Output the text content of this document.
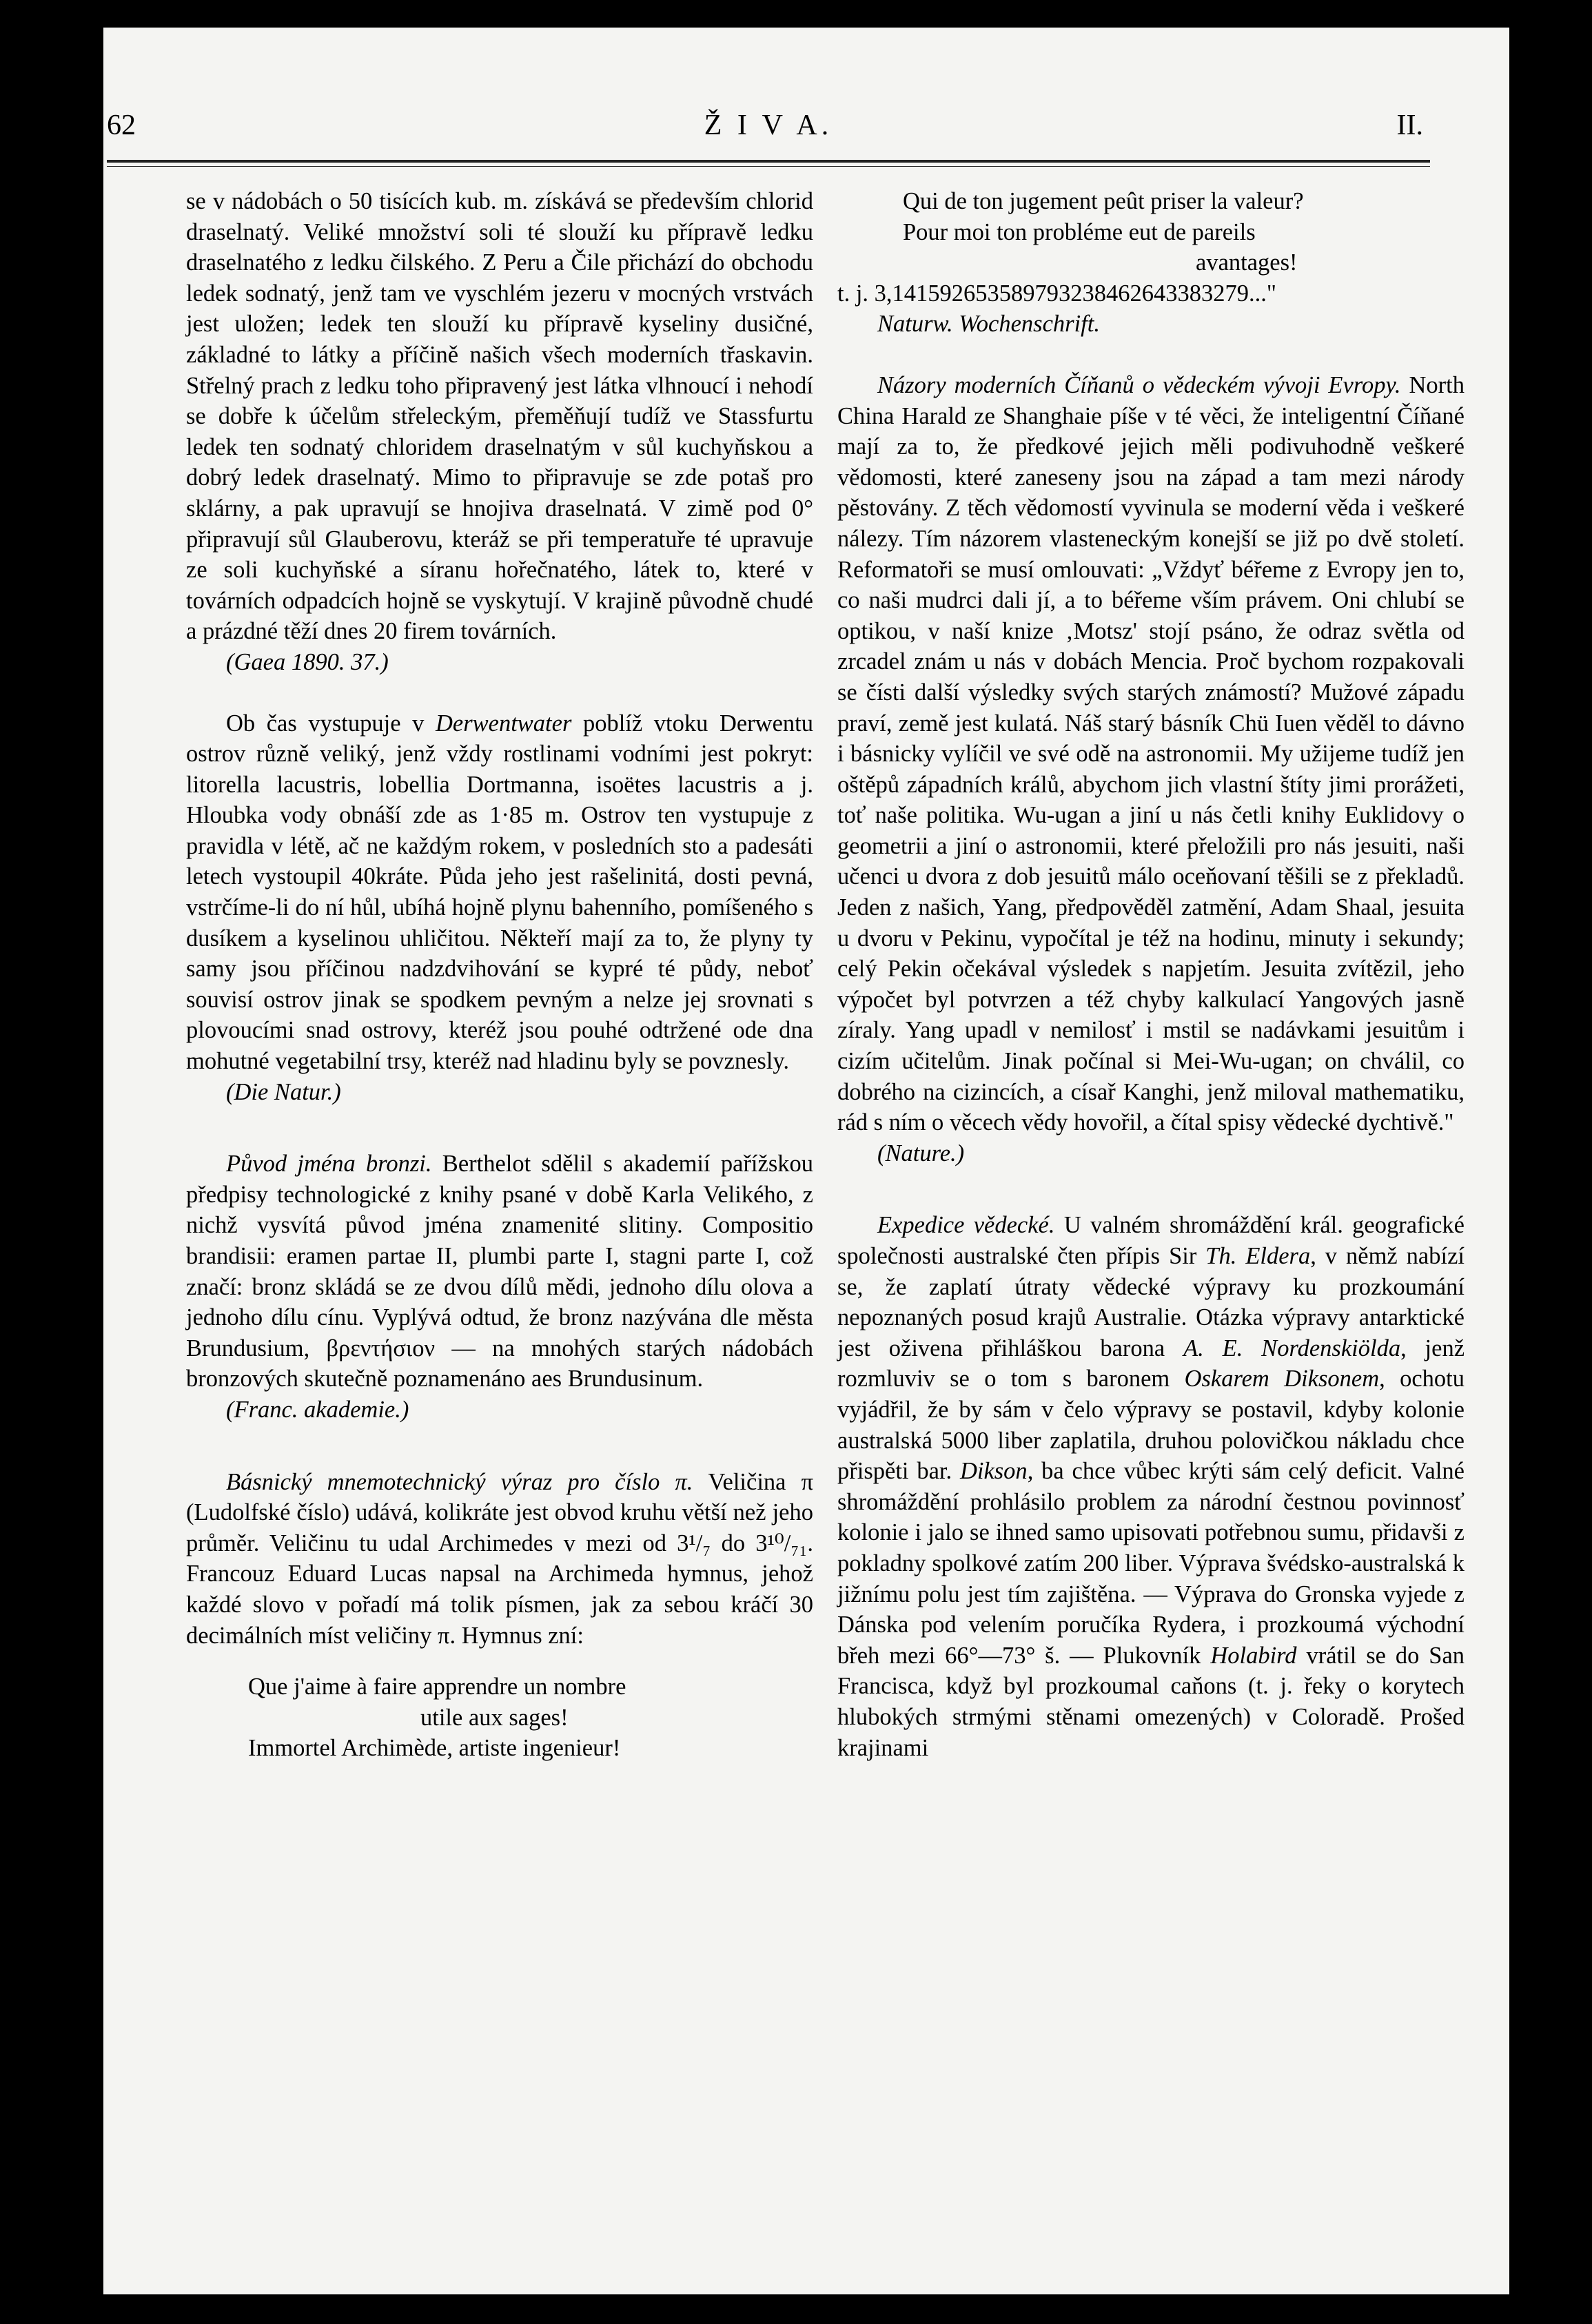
62	Ž I V A.	II.

se v nádobách o 50 tisících kub. m. získává se především chlorid draselnatý. Veliké množství soli té slouží ku přípravě ledku draselnatého z ledku čilského. Z Peru a Čile přichází do obchodu ledek sodnatý, jenž tam ve vyschlém jezeru v mocných vrstvách jest uložen; ledek ten slouží ku přípravě kyseliny dusičné, základné to látky a příčině našich všech moderních třaskavin. Střelný prach z ledku toho připravený jest látka vlhnoucí i nehodí se dobře k účelům střeleckým, přeměňují tudíž ve Stassfurtu ledek ten sodnatý chloridem draselnatým v sůl kuchyňskou a dobrý ledek draselnatý. Mimo to připravuje se zde potaš pro sklárny, a pak upravují se hnojiva draselnatá. V zimě pod 0° připravují sůl Glauberovu, kteráž se při temperatuře té upravuje ze soli kuchyňské a síranu hořečnatého, látek to, které v továrních odpadcích hojně se vyskytují. V krajině původně chudé a prázdné těží dnes 20 firem továrních.

(Gaea 1890. 37.)

Ob čas vystupuje v Derwentwater poblíž vtoku Derwentu ostrov různě veliký, jenž vždy rostlinami vodními jest pokryt: litorella lacustris, lobellia Dortmanna, isoëtes lacustris a j. Hloubka vody obnáší zde as 1·85 m. Ostrov ten vystupuje z pravidla v létě, ač ne každým rokem, v posledních sto a padesáti letech vystoupil 40kráte. Půda jeho jest rašelinitá, dosti pevná, vstrčíme-li do ní hůl, ubíhá hojně plynu bahenního, pomíšeného s dusíkem a kyselinou uhličitou. Někteří mají za to, že plyny ty samy jsou příčinou nadzdvihování se kypré té půdy, neboť souvisí ostrov jinak se spodkem pevným a nelze jej srovnati s plovoucími snad ostrovy, kteréž jsou pouhé odtržené ode dna mohutné vegetabilní trsy, kteréž nad hladinu byly se povznesly.

(Die Natur.)

Původ jména bronzi. Berthelot sdělil s akademií pařížskou předpisy technologické z knihy psané v době Karla Velikého, z nichž vysvítá původ jména znamenité slitiny. Compositio brandisii: eramen partae II, plumbi parte I, stagni parte I, což značí: bronz skládá se ze dvou dílů mědi, jednoho dílu olova a jednoho dílu cínu. Vyplývá odtud, že bronz nazývána dle města Brundusium, βρεντήσιον — na mnohých starých nádobách bronzových skutečně poznamenáno aes Brundusinum.

(Franc. akademie.)

Básnický mnemotechnický výraz pro číslo π. Veličina π (Ludolfské číslo) udává, kolikráte jest obvod kruhu větší než jeho průměr. Veličinu tu udal Archimedes v mezi od 3¹/₇ do 3¹⁰/₇₁. Francouz Eduard Lucas napsal na Archimeda hymnus, jehož každé slovo v pořadí má tolik písmen, jak za sebou kráčí 30 decimálních míst veličiny π. Hymnus zní:

Que j'aime à faire apprendre un nombre
utile aux sages!
Immortel Archimède, artiste ingenieur!
Qui de ton jugement peût priser la valeur?
Pour moi ton probléme eut de pareils
avantages!

t. j. 3,141592653589793238462643383279..."

Naturw. Wochenschrift.

Názory moderních Číňanů o vědeckém vývoji Evropy. North China Harald ze Shanghaie píše v té věci, že inteligentní Číňané mají za to, že předkové jejich měli podivuhodně veškeré vědomosti, které zaneseny jsou na západ a tam mezi národy pěstovány. Z těch vědomostí vyvinula se moderní věda i veškeré nálezy. Tím názorem vlasteneckým konejší se již po dvě století. Reformatoři se musí omlouvati: „Vždyť béřeme z Evropy jen to, co naši mudrci dali jí, a to béřeme vším právem. Oni chlubí se optikou, v naší knize ‚Motsz' stojí psáno, že odraz světla od zrcadel znám u nás v dobách Mencia. Proč bychom rozpakovali se čísti další výsledky svých starých známostí? Mužové západu praví, země jest kulatá. Náš starý básník Chü Iuen věděl to dávno i básnicky vylíčil ve své odě na astronomii. My užijeme tudíž jen oštěpů západních králů, abychom jich vlastní štíty jimi prorážeti, toť naše politika. Wu-ugan a jiní u nás četli knihy Euklidovy o geometrii a jiní o astronomii, které přeložili pro nás jesuiti, naši učenci u dvora z dob jesuitů málo oceňovaní těšili se z překladů. Jeden z našich, Yang, předpověděl zatmění, Adam Shaal, jesuita u dvoru v Pekinu, vypočítal je též na hodinu, minuty i sekundy; celý Pekin očekával výsledek s napjetím. Jesuita zvítězil, jeho výpočet byl potvrzen a též chyby kalkulací Yangových jasně zíraly. Yang upadl v nemilosť i mstil se nadávkami jesuitům i cizím učitelům. Jinak počínal si Mei-Wu-ugan; on chválil, co dobrého na cizincích, a císař Kanghi, jenž miloval mathematiku, rád s ním o věcech vědy hovořil, a čítal spisy vědecké dychtivě."

(Nature.)

Expedice vědecké. U valném shromáždění král. geografické společnosti australské čten přípis Sir Th. Eldera, v němž nabízí se, že zaplatí útraty vědecké výpravy ku prozkoumání nepoznaných posud krajů Australie. Otázka výpravy antarktické jest oživena přihláškou barona A. E. Nordenskiölda, jenž rozmluviv se o tom s baronem Oskarem Diksonem, ochotu vyjádřil, že by sám v čelo výpravy se postavil, kdyby kolonie australská 5000 liber zaplatila, druhou polovičkou nákladu chce přispěti bar. Dikson, ba chce vůbec krýti sám celý deficit. Valné shromáždění prohlásilo problem za národní čestnou povinnosť kolonie i jalo se ihned samo upisovati potřebnou sumu, přidavši z pokladny spolkové zatím 200 liber. Výprava švédsko-australská k jižnímu polu jest tím zajištěna. — Výprava do Gronska vyjede z Dánska pod velením poručíka Rydera, i prozkoumá východní břeh mezi 66°—73° š. — Plukovník Holabird vrátil se do San Francisca, když byl prozkoumal caňons (t. j. řeky o korytech hlubokých strmými stěnami omezených) v Coloradě. Prošed krajinami
